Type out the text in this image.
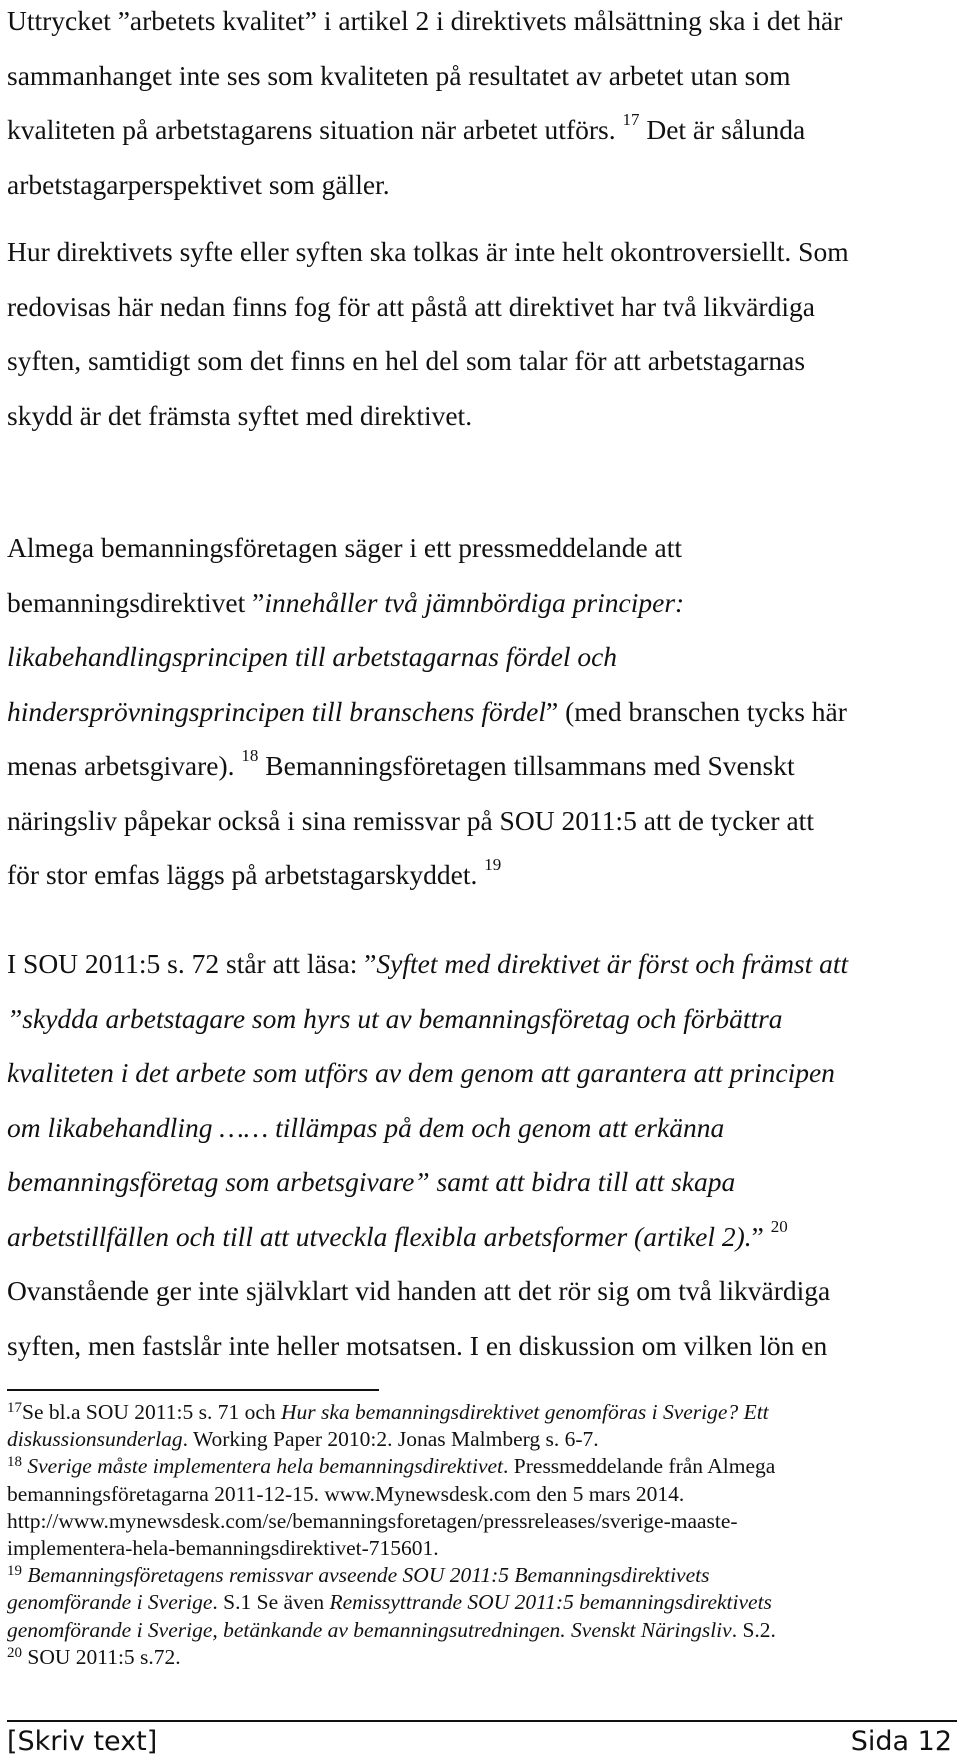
Uttrycket ”arbetets kvalitet” i artikel 2 i direktivets målsättning ska i det här
sammanhanget inte ses som kvaliteten på resultatet av arbetet utan som
kvaliteten på arbetstagarens situation när arbetet utförs. $^{17}$ Det är sålunda
arbetstagarperspektivet som gäller.
Hur direktivets syfte eller syften ska tolkas är inte helt okontroversiellt. Som
redovisas här nedan finns fog för att påstå att direktivet har två likvärdiga
syften, samtidigt som det finns en hel del som talar för att arbetstagarnas
skydd är det främsta syftet med direktivet.
Almega bemanningsföretagen säger i ett pressmeddelande att
bemanningsdirektivet ”innehåller två jämnbördiga principer:
likabehandlingsprincipen till arbetstagarnas fördel och
hindersprövningsprincipen till branschens fördel” (med branschen tycks här
menas arbetsgivare). $^{18}$ Bemanningsföretagen tillsammans med Svenskt
näringsliv påpekar också i sina remissvar på SOU 2011:5 att de tycker att
för stor emfas läggs på arbetstagarskyddet. $^{19}$
I SOU 2011:5 s. 72 står att läsa: ”Syftet med direktivet är först och främst att
”skydda arbetstagare som hyrs ut av bemanningsföretag och förbättra
kvaliteten i det arbete som utförs av dem genom att garantera att principen
om likabehandling …… tillämpas på dem och genom att erkänna
bemanningsföretag som arbetsgivare” samt att bidra till att skapa
arbetstillfällen och till att utveckla flexibla arbetsformer (artikel 2).” $^{20}$
Ovanstående ger inte självklart vid handen att det rör sig om två likvärdiga
syften, men fastslår inte heller motsatsen. I en diskussion om vilken lön en
$^{17}$Se bl.a SOU 2011:5 s. 71 och Hur ska bemanningsdirektivet genomföras i Sverige? Ett
diskussionsunderlag. Working Paper 2010:2. Jonas Malmberg s. 6-7.
$^{18}$ Sverige måste implementera hela bemanningsdirektivet. Pressmeddelande från Almega
bemanningsföretagarna 2011-12-15. www.Mynewsdesk.com den 5 mars 2014.
http://www.mynewsdesk.com/se/bemanningsforetagen/pressreleases/sverige-maaste-
implementera-hela-bemanningsdirektivet-715601.
$^{19}$ Bemanningsföretagens remissvar avseende SOU 2011:5 Bemanningsdirektivets
genomförande i Sverige. S.1 Se även Remissyttrande SOU 2011:5 bemanningsdirektivets
genomförande i Sverige, betänkande av bemanningsutredningen. Svenskt Näringsliv. S.2.
$^{20}$ SOU 2011:5 s.72.
[Skriv text]	Sida 12
